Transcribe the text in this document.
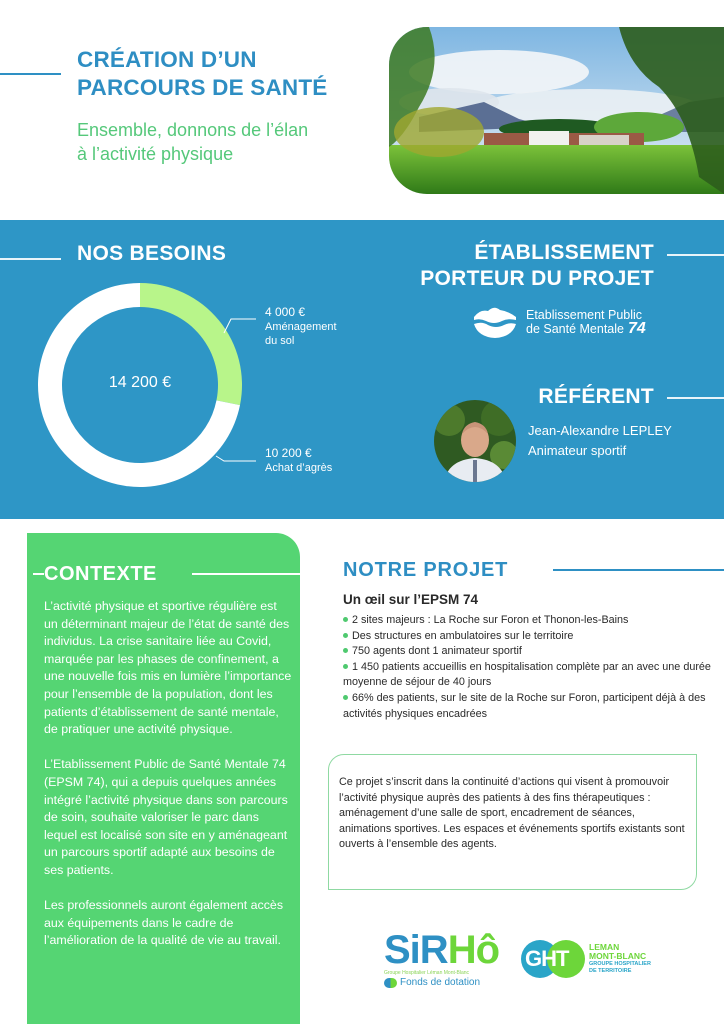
CRÉATION D’UN
PARCOURS DE SANTÉ
Ensemble, donnons de l’élan
à l’activité physique
NOS BESOINS
14 200 €
4 000 €
Aménagement
du sol
10 200 €
Achat d’agrès
ÉTABLISSEMENT
PORTEUR DU PROJET
Etablissement Public
de Santé Mentale 74
RÉFÉRENT
Jean-Alexandre LEPLEY
Animateur sportif
CONTEXTE

L’activité physique et sportive régulière est un déterminant majeur de l’état de santé des individus. La crise sanitaire liée au Covid, marquée par les phases de confinement, a une nouvelle fois mis en lumière l’importance pour l’ensemble de la population, dont les patients d’établissement de santé mentale, de pratiquer une activité physique.

L’Etablissement Public de Santé Mentale 74 (EPSM 74), qui a depuis quelques années intégré l’activité physique dans son parcours de soin, souhaite valoriser le parc dans lequel est localisé son site en y aménageant un parcours sportif adapté aux besoins de ses patients.

Les professionnels auront également accès aux équipements dans le cadre de l’amélioration de la qualité de vie au travail.

NOTRE PROJET
Un œil sur l’EPSM 74
2 sites majeurs : La Roche sur Foron et Thonon-les-Bains
Des structures en ambulatoires sur le territoire
750 agents dont 1 animateur sportif
1 450 patients accueillis en hospitalisation complète par an avec une durée moyenne de séjour de 40 jours
66% des patients, sur le site de la Roche sur Foron, participent déjà à des activités physiques encadrées
Ce projet s’inscrit dans la continuité d’actions qui visent à promouvoir l’activité physique auprès des patients à des fins thérapeutiques : aménagement d’une salle de sport, encadrement de séances, animations sportives. Les espaces et événements sportifs existants sont ouverts à l’ensemble des agents.
SiRHô
Groupe Hospitalier Léman Mont-Blanc
Fonds de dotation
GHT LEMAN
MONT-BLANC
GROUPE HOSPITALIER
DE TERRITOIRE
